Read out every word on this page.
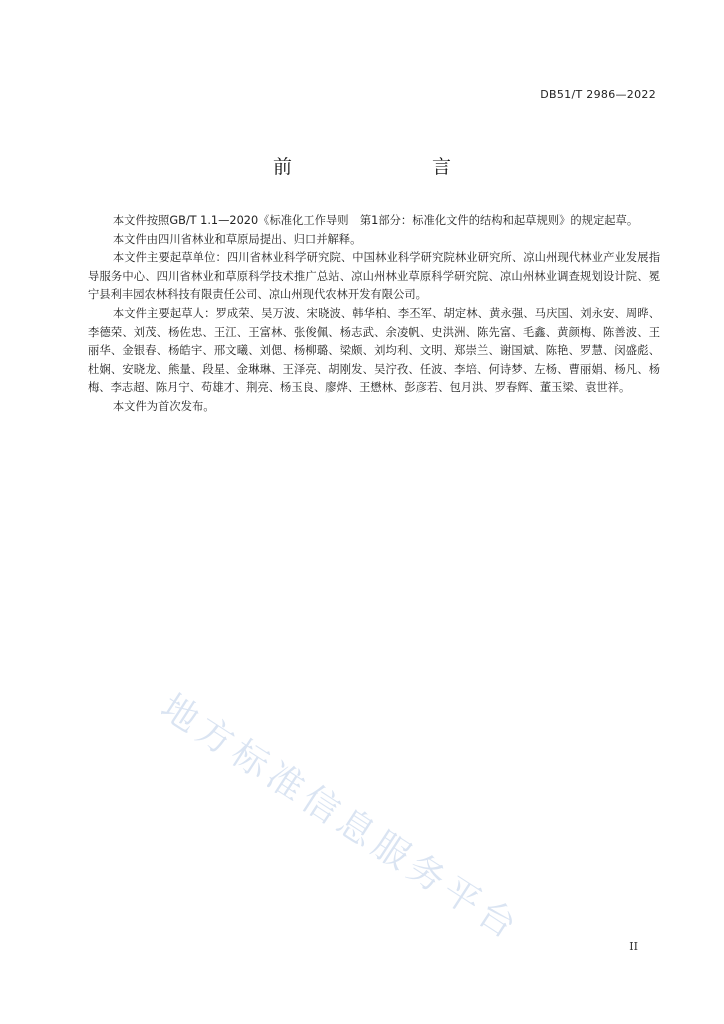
DB51/T 2986—2022
前　　言

本文件按照GB/T 1.1—2020《标准化工作导则　第1部分：标准化文件的结构和起草规则》的规定起草。

本文件由四川省林业和草原局提出、归口并解释。

本文件主要起草单位：四川省林业科学研究院、中国林业科学研究院林业研究所、凉山州现代林业产业发展指导服务中心、四川省林业和草原科学技术推广总站、凉山州林业草原科学研究院、凉山州林业调查规划设计院、冕宁县利丰园农林科技有限责任公司、凉山州现代农林开发有限公司。

本文件主要起草人：罗成荣、吴万波、宋晓波、韩华柏、李丕军、胡定林、黄永强、马庆国、刘永安、周晔、李德荣、刘茂、杨佐忠、王江、王富林、张俊佩、杨志武、余凌帆、史洪洲、陈先富、毛鑫、黄颜梅、陈善波、王丽华、金银春、杨皓宇、邢文曦、刘偲、杨柳璐、梁颇、刘均利、文明、郑崇兰、谢国斌、陈艳、罗慧、闵盛彪、杜娴、安晓龙、熊量、段星、金琳琳、王泽亮、胡刚发、吴泞孜、任波、李培、何诗梦、左杨、曹丽娟、杨凡、杨梅、李志超、陈月宁、苟雄才、荆亮、杨玉良、廖烨、王懋林、彭彦若、包月洪、罗春辉、董玉梁、袁世祥。

本文件为首次发布。

地方标准信息服务平台	II
